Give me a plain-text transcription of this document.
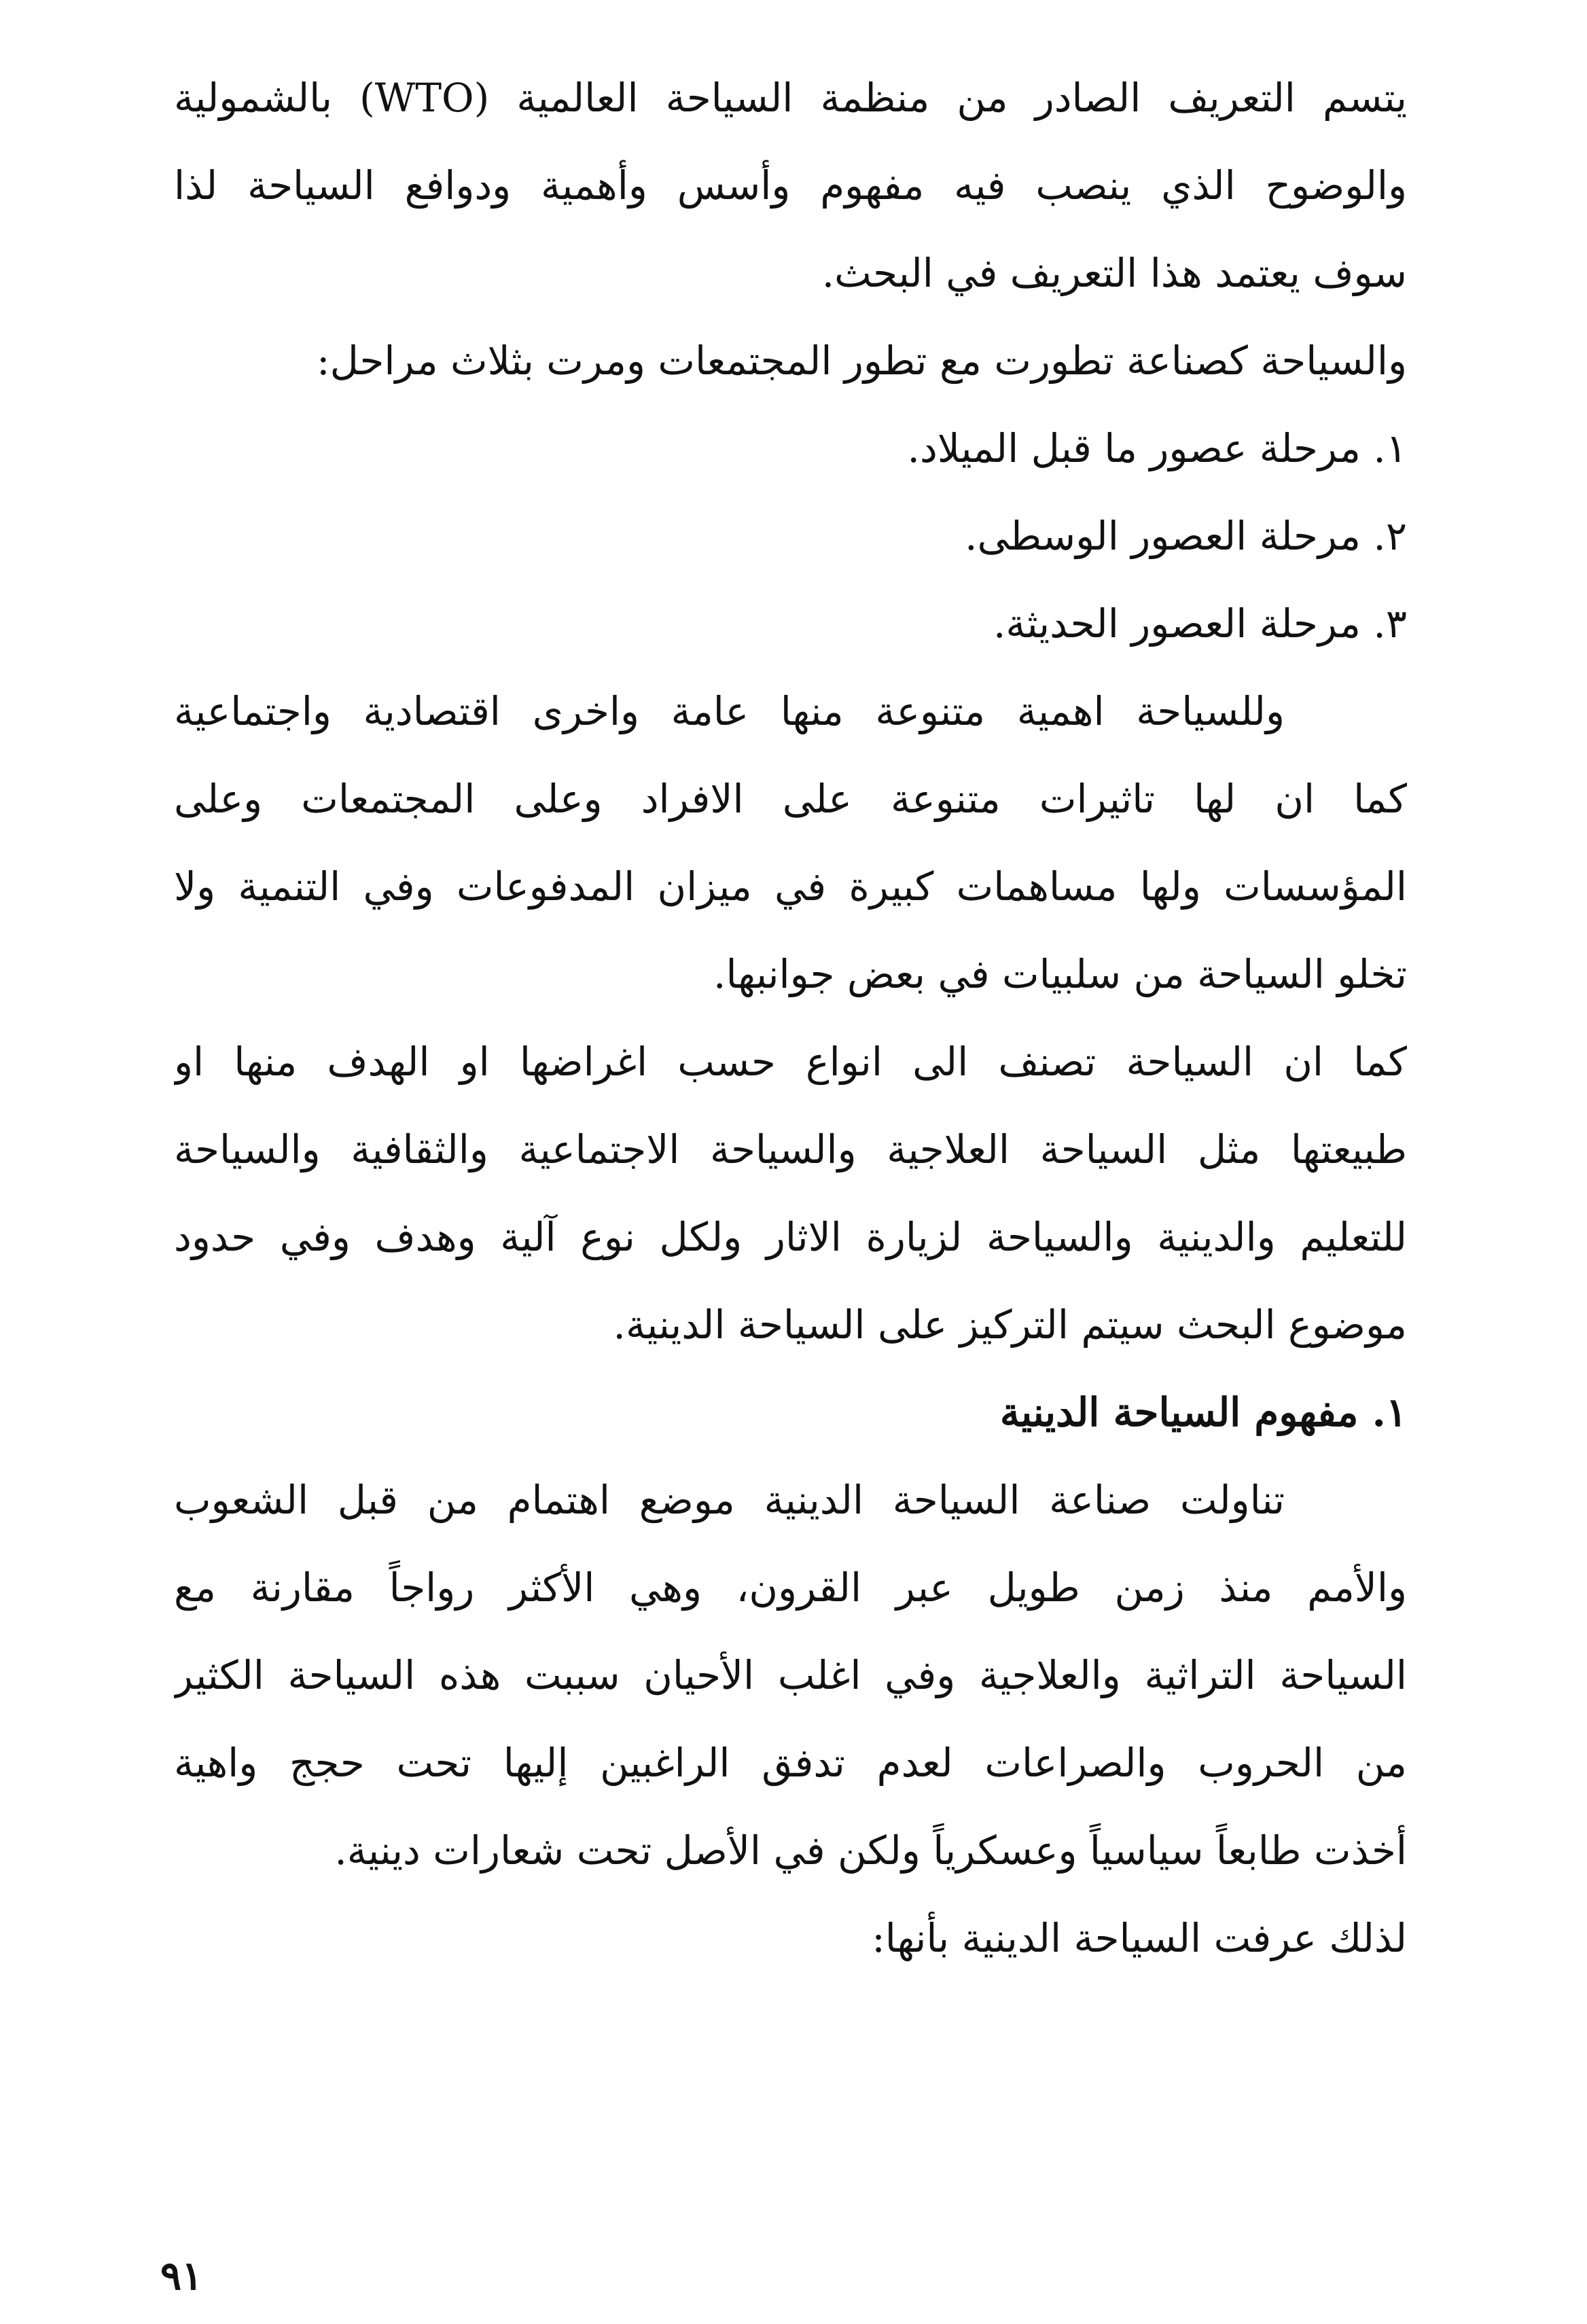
يتسم التعريف الصادر من منظمة السياحة العالمية (WTO) بالشمولية
والوضوح الذي ينصب فيه مفهوم وأسس وأهمية ودوافع السياحة لذا
سوف يعتمد هذا التعريف في البحث.
والسياحة كصناعة تطورت مع تطور المجتمعات ومرت بثلاث مراحل:
١. مرحلة عصور ما قبل الميلاد.
٢. مرحلة العصور الوسطى.
٣. مرحلة العصور الحديثة.
وللسياحة اهمية متنوعة منها عامة واخرى اقتصادية واجتماعية
كما ان لها تاثيرات متنوعة على الافراد وعلى المجتمعات وعلى
المؤسسات ولها مساهمات كبيرة في ميزان المدفوعات وفي التنمية ولا
تخلو السياحة من سلبيات في بعض جوانبها.
كما ان السياحة تصنف الى انواع حسب اغراضها او الهدف منها او
طبيعتها مثل السياحة العلاجية والسياحة الاجتماعية والثقافية والسياحة
للتعليم والدينية والسياحة لزيارة الاثار ولكل نوع آلية وهدف وفي حدود
موضوع البحث سيتم التركيز على السياحة الدينية.
١. مفهوم السياحة الدينية
تناولت صناعة السياحة الدينية موضع اهتمام من قبل الشعوب
والأمم منذ زمن طويل عبر القرون، وهي الأكثر رواجاً مقارنة مع
السياحة التراثية والعلاجية وفي اغلب الأحيان سببت هذه السياحة الكثير
من الحروب والصراعات لعدم تدفق الراغبين إليها تحت حجج واهية
أخذت طابعاً سياسياً وعسكرياً ولكن في الأصل تحت شعارات دينية.
لذلك عرفت السياحة الدينية بأنها:
٩١
